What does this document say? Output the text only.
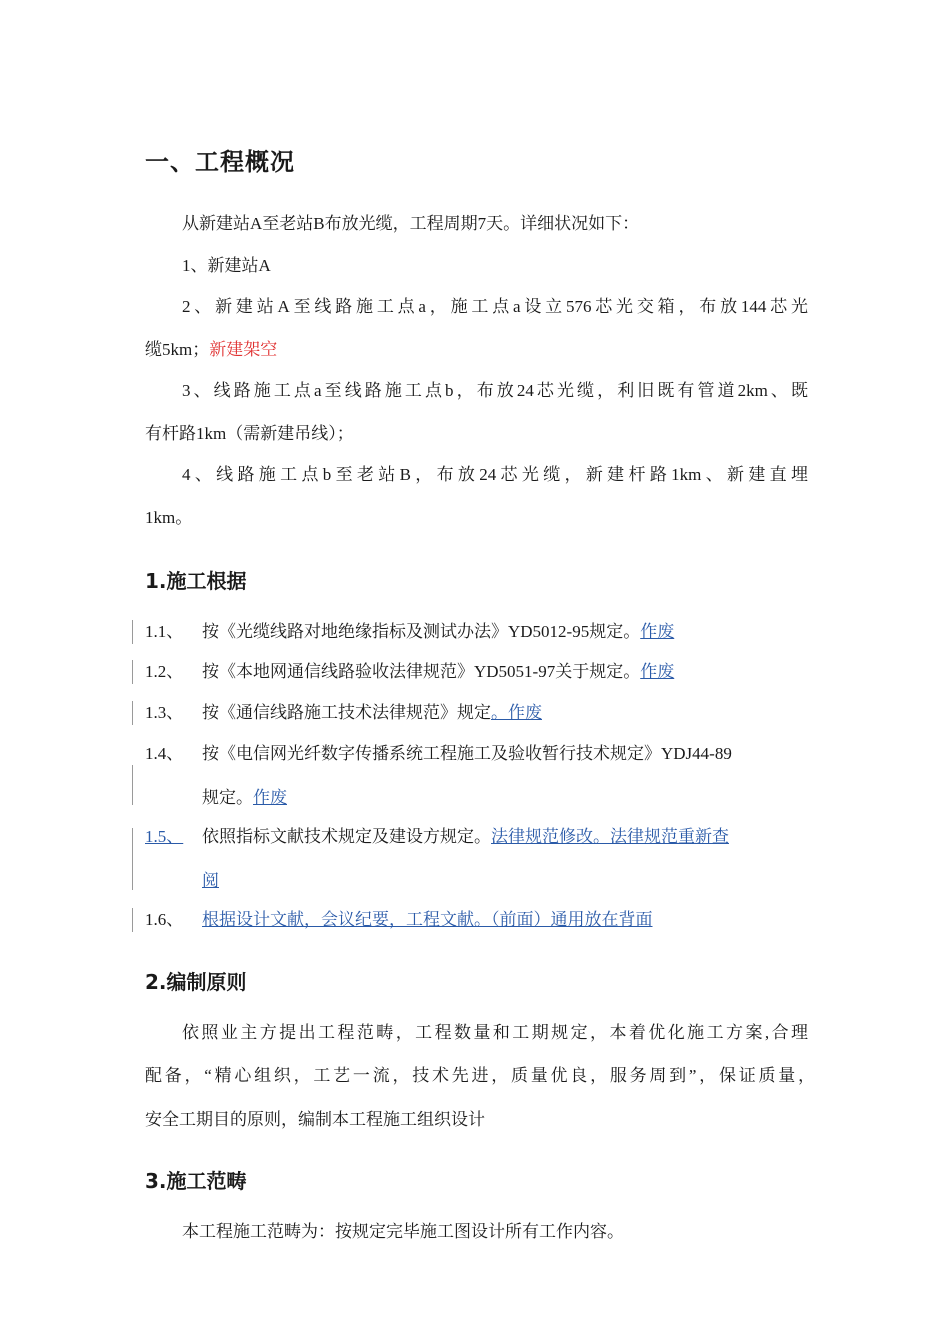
一、工程概况
从新建站A至老站B布放光缆，工程周期7天。详细状况如下：
1、新建站A
2、新建站A至线路施工点a，施工点a设立576芯光交箱，布放144芯光
缆5km；新建架空
3、线路施工点a至线路施工点b，布放24芯光缆，利旧既有管道2km、既
有杆路1km（需新建吊线）；
4、线路施工点b至老站B，布放24芯光缆，新建杆路1km、新建直埋
1km。
1.施工根据
1.1、 按《光缆线路对地绝缘指标及测试办法》YD5012-95规定。作废
1.2、 按《本地网通信线路验收法律规范》YD5051-97关于规定。作废
1.3、 按《通信线路施工技术法律规范》规定。作废
1.4、 按《电信网光纤数字传播系统工程施工及验收暂行技术规定》YDJ44-89
规定。作废
1.5、	依照指标文献技术规定及建设方规定。法律规范修改。法律规范重新查
阅
1.6、 根据设计文献，会议纪要，工程文献。（前面）通用放在背面
2.编制原则
依照业主方提出工程范畴，工程数量和工期规定，本着优化施工方案,合理
配备，“精心组织，工艺一流，技术先进，质量优良，服务周到”，保证质量，
安全工期目的原则，编制本工程施工组织设计
3.施工范畴
本工程施工范畴为：按规定完毕施工图设计所有工作内容。
